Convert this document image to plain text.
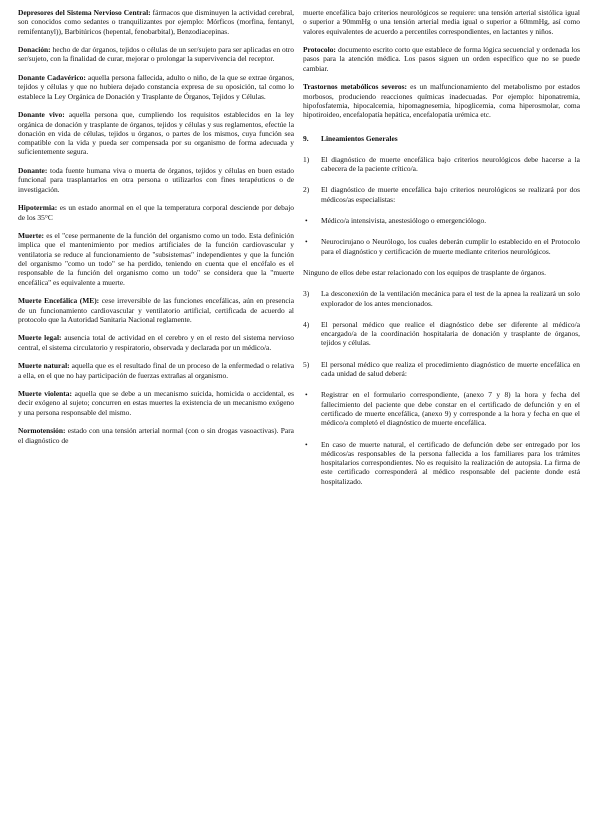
Depresores del Sistema Nervioso Central: fármacos que disminuyen la actividad cerebral, son conocidos como sedantes o tranquilizantes por ejemplo: Mórficos (morfina, fentanyl, remifentanyl)), Barbitúricos (hepental, fenobarbital), Benzodiacepinas.

Donación: hecho de dar órganos, tejidos o células de un ser/sujeto para ser aplicadas en otro ser/sujeto, con la finalidad de curar, mejorar o prolongar la supervivencia del receptor.

Donante Cadavérico: aquella persona fallecida, adulto o niño, de la que se extrae órganos, tejidos y células y que no hubiera dejado constancia expresa de su oposición, tal como lo establece la Ley Orgánica de Donación y Trasplante de Órganos, Tejidos y Células.

Donante vivo: aquella persona que, cumpliendo los requisitos establecidos en la ley orgánica de donación y trasplante de órganos, tejidos y células y sus reglamentos, efectúe la donación en vida de células, tejidos u órganos, o partes de los mismos, cuya función sea compatible con la vida y pueda ser compensada por su organismo de forma adecuada y suficientemente segura.

Donante: toda fuente humana viva o muerta de órganos, tejidos y células en buen estado funcional para trasplantarlos en otra persona o utilizarlos con fines terapéuticos o de investigación.

Hipotermia: es un estado anormal en el que la temperatura corporal desciende por debajo de los 35°C

Muerte: es el "cese permanente de la función del organismo como un todo. Esta definición implica que el mantenimiento por medios artificiales de la función cardiovascular y ventilatoria se reduce al funcionamiento de "subsistemas" independientes y que la función del organismo "como un todo" se ha perdido, teniendo en cuenta que el encéfalo es el responsable de la función del organismo como un todo" se considera que la "muerte encefálica" es equivalente a muerte.

Muerte Encefálica (ME): cese irreversible de las funciones encefálicas, aún en presencia de un funcionamiento cardiovascular y ventilatorio artificial, certificada de acuerdo al protocolo que la Autoridad Sanitaria Nacional reglamente.

Muerte legal: ausencia total de actividad en el cerebro y en el resto del sistema nervioso central, el sistema circulatorio y respiratorio, observada y declarada por un médico/a.

Muerte natural: aquella que es el resultado final de un proceso de la enfermedad o relativa a ella, en el que no hay participación de fuerzas extrañas al organismo.

Muerte violenta: aquella que se debe a un mecanismo suicida, homicida o accidental, es decir exógeno al sujeto; concurren en estas muertes la existencia de un mecanismo exógeno y una persona responsable del mismo.

Normotensión: estado con una tensión arterial normal (con o sin drogas vasoactivas). Para el diagnóstico de

muerte encefálica bajo criterios neurológicos se requiere: una tensión arterial sistólica igual o superior a 90mmHg o una tensión arterial media igual o superior a 60mmHg, así como valores equivalentes de acuerdo a percentiles correspondientes, en lactantes y niños.

Protocolo: documento escrito corto que establece de forma lógica secuencial y ordenada los pasos para la atención médica. Los pasos siguen un orden específico que no se puede cambiar.

Trastornos metabólicos severos: es un malfuncionamiento del metabolismo por estados morbosos, produciendo reacciones químicas inadecuadas. Por ejemplo: hiponatremia, hipofosfatemia, hipocalcemia, hipomagnesemia, hipoglicemia, coma hiperosmolar, coma hipotiroideo, encefalopatía hepática, encefalopatía urémica etc.

9. Lineamientos Generales
1)	El diagnóstico de muerte encefálica bajo criterios neurológicos debe hacerse a la cabecera de la paciente crítico/a.
2)	El diagnóstico de muerte encefálica bajo criterios neurológicos se realizará por dos médicos/as especialistas:
• Médico/a intensivista, anestesiólogo o emergenciólogo.
• Neurocirujano o Neurólogo, los cuales deberán cumplir lo establecido en el Protocolo para el diagnóstico y certificación de muerte mediante criterios neurológicos.
Ninguno de ellos debe estar relacionado con los equipos de trasplante de órganos.
3)	La desconexión de la ventilación mecánica para el test de la apnea la realizará un solo explorador de los antes mencionados.
4)	El personal médico que realice el diagnóstico debe ser diferente al médico/a encargado/a de la coordinación hospitalaria de donación y trasplante de órganos, tejidos y células.
5)	El personal médico que realiza el procedimiento diagnóstico de muerte encefálica en cada unidad de salud deberá:
• Registrar en el formulario correspondiente, (anexo 7 y 8) la hora y fecha del fallecimiento del paciente que debe constar en el certificado de defunción y en el certificado de muerte encefálica, (anexo 9) y corresponde a la hora y fecha en que el médico/a completó el diagnóstico de muerte encefálica.
• En caso de muerte natural, el certificado de defunción debe ser entregado por los médicos/as responsables de la persona fallecida a los familiares para los trámites hospitalarios correspondientes. No es requisito la realización de autopsia. La firma de este certificado corresponderá al médico responsable del paciente donde está hospitalizado.
